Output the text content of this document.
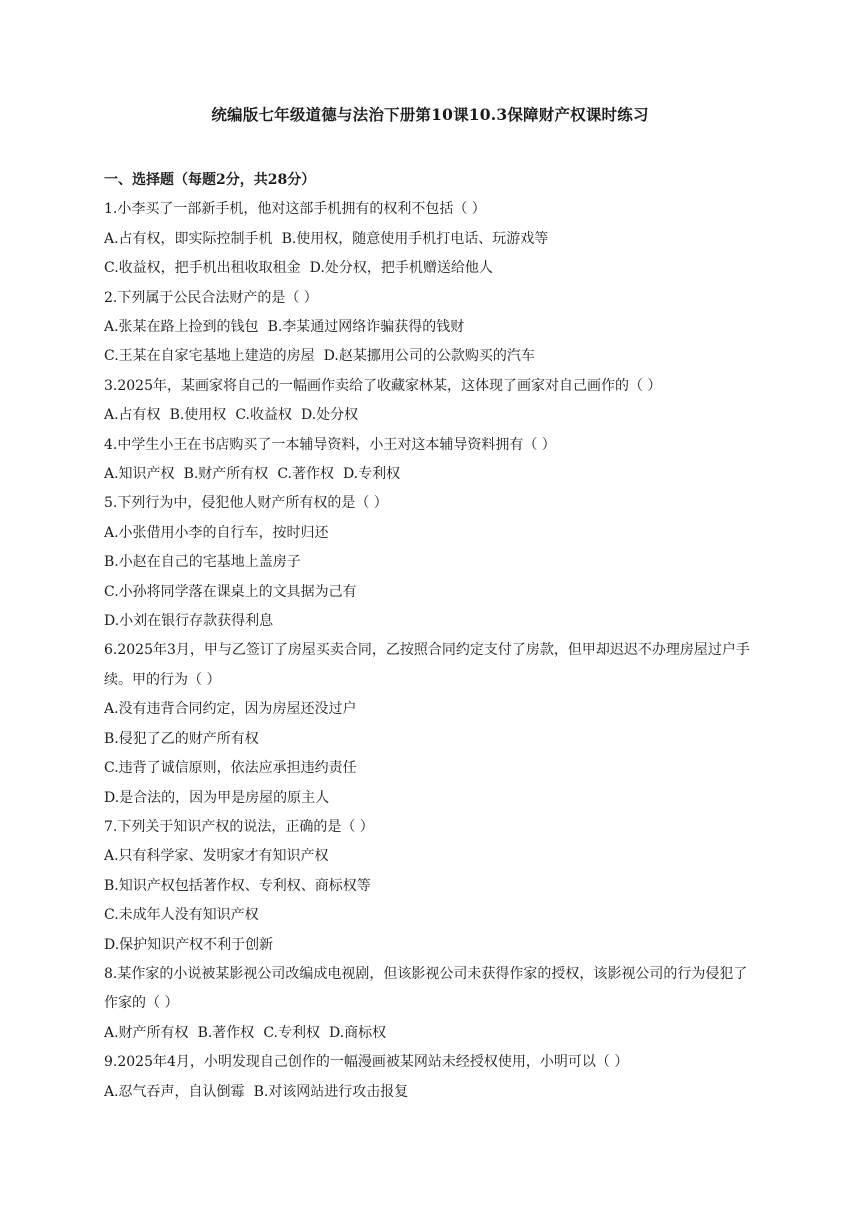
统编版七年级道德与法治下册第10课10.3保障财产权课时练习
一、选择题（每题2分，共28分）
1.小李买了一部新手机，他对这部手机拥有的权利不包括（ ）
A.占有权，即实际控制手机 B.使用权，随意使用手机打电话、玩游戏等
C.收益权，把手机出租收取租金 D.处分权，把手机赠送给他人
2.下列属于公民合法财产的是（ ）
A.张某在路上捡到的钱包 B.李某通过网络诈骗获得的钱财
C.王某在自家宅基地上建造的房屋 D.赵某挪用公司的公款购买的汽车
3.2025年，某画家将自己的一幅画作卖给了收藏家林某，这体现了画家对自己画作的（ ）
A.占有权 B.使用权 C.收益权 D.处分权
4.中学生小王在书店购买了一本辅导资料，小王对这本辅导资料拥有（ ）
A.知识产权 B.财产所有权 C.著作权 D.专利权
5.下列行为中，侵犯他人财产所有权的是（ ）
A.小张借用小李的自行车，按时归还
B.小赵在自己的宅基地上盖房子
C.小孙将同学落在课桌上的文具据为己有
D.小刘在银行存款获得利息
6.2025年3月，甲与乙签订了房屋买卖合同，乙按照合同约定支付了房款，但甲却迟迟不办理房屋过户手续。甲的行为（ ）
A.没有违背合同约定，因为房屋还没过户
B.侵犯了乙的财产所有权
C.违背了诚信原则，依法应承担违约责任
D.是合法的，因为甲是房屋的原主人
7.下列关于知识产权的说法，正确的是（ ）
A.只有科学家、发明家才有知识产权
B.知识产权包括著作权、专利权、商标权等
C.未成年人没有知识产权
D.保护知识产权不利于创新
8.某作家的小说被某影视公司改编成电视剧，但该影视公司未获得作家的授权，该影视公司的行为侵犯了作家的（ ）
A.财产所有权 B.著作权 C.专利权 D.商标权
9.2025年4月，小明发现自己创作的一幅漫画被某网站未经授权使用，小明可以（ ）
A.忍气吞声，自认倒霉 B.对该网站进行攻击报复
